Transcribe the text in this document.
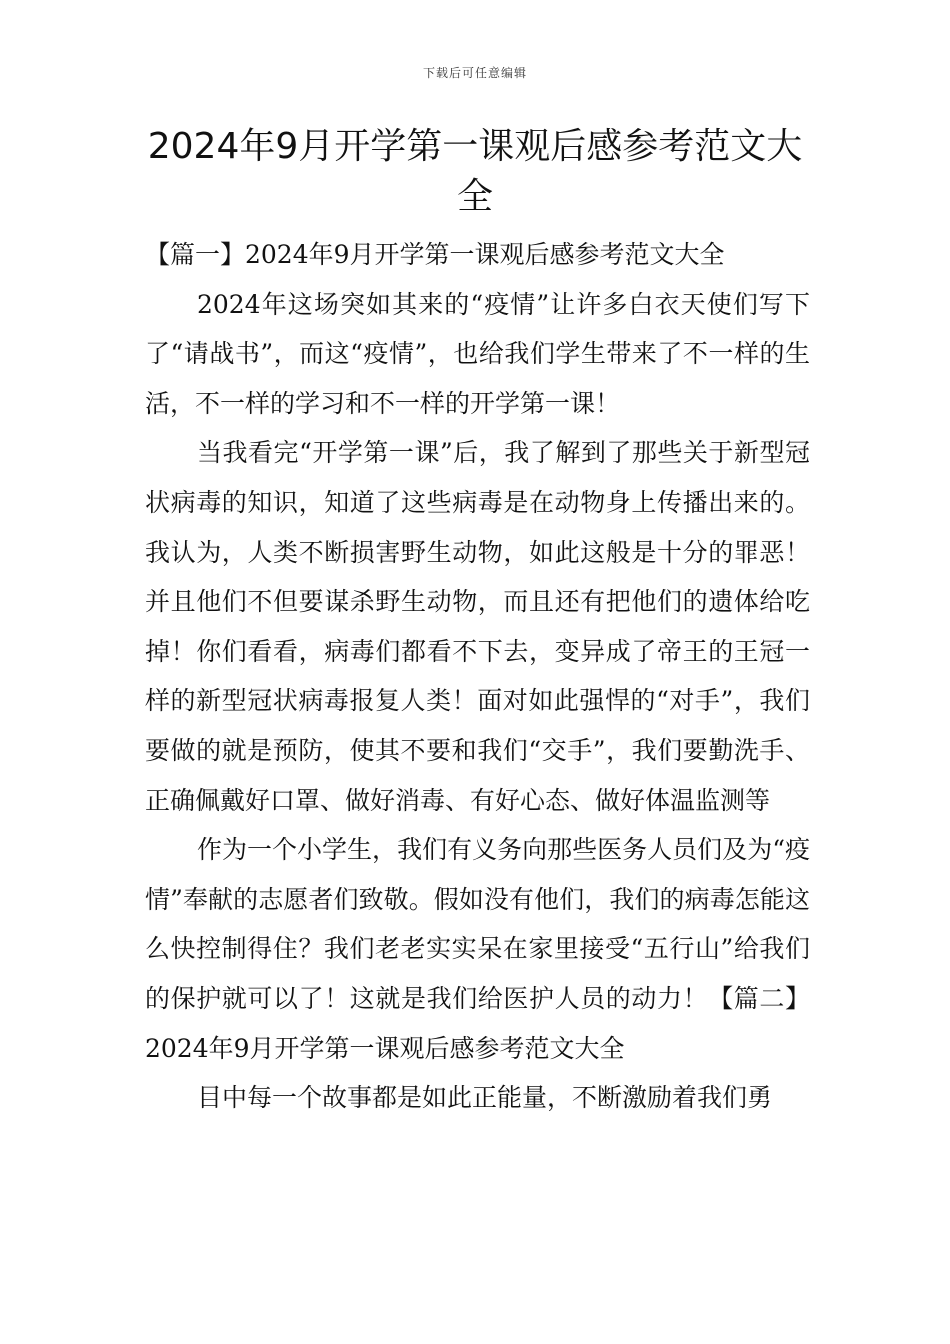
下载后可任意编辑
2024年9月开学第一课观后感参考范文大全

【篇一】2024年9月开学第一课观后感参考范文大全

2024年这场突如其来的“疫情”让许多白衣天使们写下了“请战书”，而这“疫情”，也给我们学生带来了不一样的生活，不一样的学习和不一样的开学第一课！

当我看完“开学第一课”后，我了解到了那些关于新型冠状病毒的知识，知道了这些病毒是在动物身上传播出来的。我认为，人类不断损害野生动物，如此这般是十分的罪恶！并且他们不但要谋杀野生动物，而且还有把他们的遗体给吃掉！你们看看，病毒们都看不下去，变异成了帝王的王冠一样的新型冠状病毒报复人类！面对如此强悍的“对手”，我们要做的就是预防，使其不要和我们“交手”，我们要勤洗手、正确佩戴好口罩、做好消毒、有好心态、做好体温监测等

作为一个小学生，我们有义务向那些医务人员们及为“疫情”奉献的志愿者们致敬。假如没有他们，我们的病毒怎能这么快控制得住？我们老老实实呆在家里接受“五行山”给我们的保护就可以了！这就是我们给医护人员的动力！【篇二】2024年9月开学第一课观后感参考范文大全

目中每一个故事都是如此正能量，不断激励着我们勇
